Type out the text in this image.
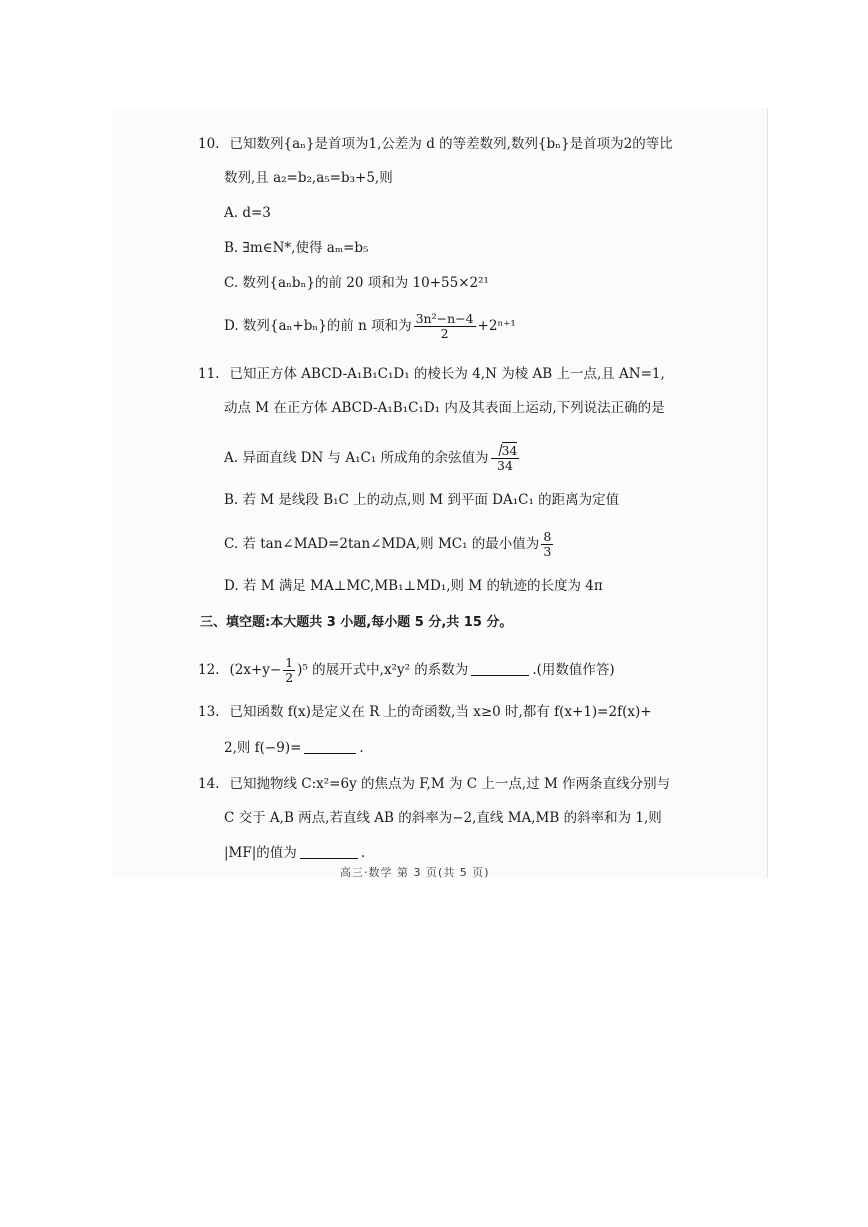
10. 已知数列{aₙ}是首项为1,公差为 d 的等差数列,数列{bₙ}是首项为2的等比
数列,且 a₂=b₂,a₅=b₃+5,则
A. d=3
B. ∃m∈N*,使得 aₘ=b₅
C. 数列{aₙbₙ}的前 20 项和为 10+55×2²¹
D. 数列{aₙ+bₙ}的前 n 项和为 $\frac{\text{3n²−n−4}}{2} +2^{n+1}$
11. 已知正方体 ABCD-A₁B₁C₁D₁ 的棱长为 4,N 为棱 AB 上一点,且 AN=1,
动点 M 在正方体 ABCD-A₁B₁C₁D₁ 内及其表面上运动,下列说法正确的是
A. 异面直线 DN 与 A₁C₁ 所成角的余弦值为 $\frac{34}{34}$
B. 若 M 是线段 B₁C 上的动点,则 M 到平面 DA₁C₁ 的距离为定值
C. 若 tan∠MAD=2tan∠MDA,则 MC₁ 的最小值为 $\frac{8}{3}$
D. 若 M 满足 MA⊥MC,MB₁⊥MD₁,则 M 的轨迹的长度为 4π
三、填空题:本大题共 3 小题,每小题 5 分,共 15 分。
12. $(2x+y- \frac{1}{2} )^5$ 的展开式中,x²y² 的系数为	.(用数值作答)
13. 已知函数 f(x)是定义在 R 上的奇函数,当 x≥0 时,都有 f(x+1)=2f(x)+
2,则 f(−9)=	.
14. 已知抛物线 C:x²=6y 的焦点为 F,M 为 C 上一点,过 M 作两条直线分别与
C 交于 A,B 两点,若直线 AB 的斜率为−2,直线 MA,MB 的斜率和为 1,则
|MF|的值为	.
高三·数学 第 3 页(共 5 页)
